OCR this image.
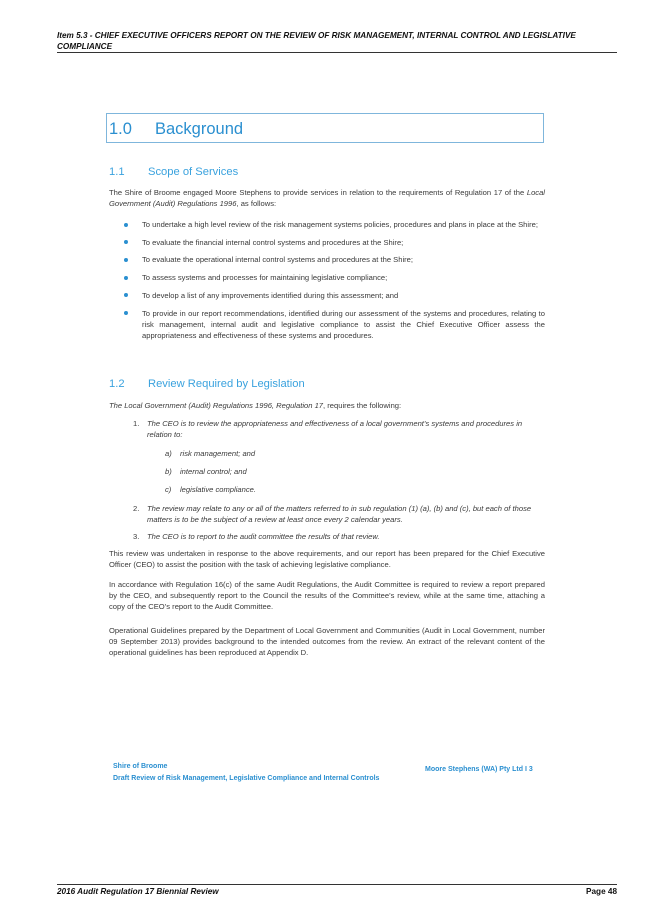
Item 5.3 - CHIEF EXECUTIVE OFFICERS REPORT ON THE REVIEW OF RISK MANAGEMENT, INTERNAL CONTROL AND LEGISLATIVE COMPLIANCE
1.0 Background
1.1 Scope of Services
The Shire of Broome engaged Moore Stephens to provide services in relation to the requirements of Regulation 17 of the Local Government (Audit) Regulations 1996, as follows:
To undertake a high level review of the risk management systems policies, procedures and plans in place at the Shire;
To evaluate the financial internal control systems and procedures at the Shire;
To evaluate the operational internal control systems and procedures at the Shire;
To assess systems and processes for maintaining legislative compliance;
To develop a list of any improvements identified during this assessment; and
To provide in our report recommendations, identified during our assessment of the systems and procedures, relating to risk management, internal audit and legislative compliance to assist the Chief Executive Officer assess the appropriateness and effectiveness of these systems and procedures.
1.2 Review Required by Legislation
The Local Government (Audit) Regulations 1996, Regulation 17, requires the following:
1. The CEO is to review the appropriateness and effectiveness of a local government’s systems and procedures in relation to:
a) risk management; and
b) internal control; and
c) legislative compliance.
2. The review may relate to any or all of the matters referred to in sub regulation (1) (a), (b) and (c), but each of those matters is to be the subject of a review at least once every 2 calendar years.
3. The CEO is to report to the audit committee the results of that review.
This review was undertaken in response to the above requirements, and our report has been prepared for the Chief Executive Officer (CEO) to assist the position with the task of achieving legislative compliance.
In accordance with Regulation 16(c) of the same Audit Regulations, the Audit Committee is required to review a report prepared by the CEO, and subsequently report to the Council the results of the Committee’s review, while at the same time, attaching a copy of the CEO’s report to the Audit Committee.
Operational Guidelines prepared by the Department of Local Government and Communities (Audit in Local Government, number 09 September 2013) provides background to the intended outcomes from the review. An extract of the relevant content of the operational guidelines has been reproduced at Appendix D.
Shire of Broome
Draft Review of Risk Management, Legislative Compliance and Internal Controls
Moore Stephens (WA) Pty Ltd I 3
2016 Audit Regulation 17 Biennial Review	Page 48
